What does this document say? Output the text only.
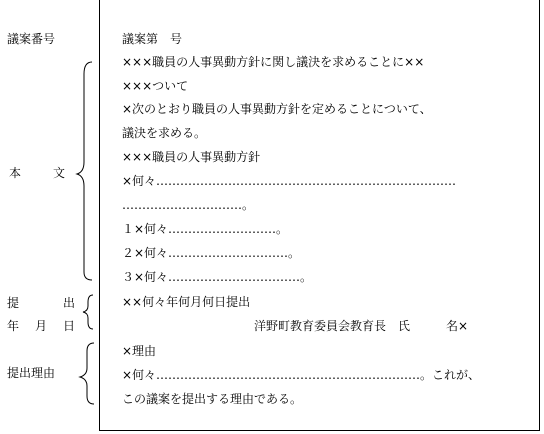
議案番号
本	文
提	出
年 月 日
提出理由
議案第　号
×××職員の人事異動方針に関し議決を求めることに××
×××ついて
×次のとおり職員の人事異動方針を定めることについて、
議決を求める。
×××職員の人事異動方針
×何々…………………………………………………………………
…………………………。
１×何々………………………。
２×何々…………………………。
３×何々……………………………。
××何々年何月何日提出
洋野町教育委員会教育長　氏　　　名×
×理由
×何々…………………………………………………………。これが、
この議案を提出する理由である。
